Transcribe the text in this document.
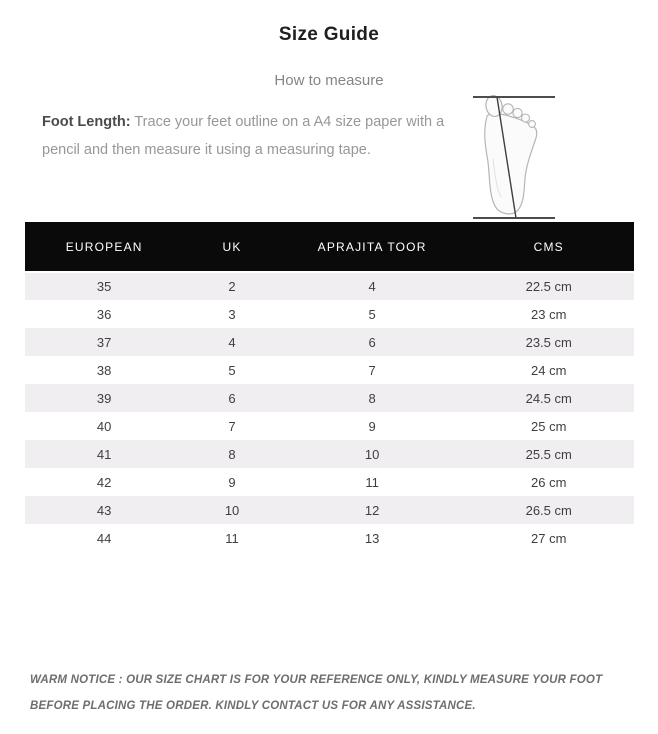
Size Guide
How to measure

Foot Length: Trace your feet outline on a A4 size paper with a pencil and then measure it using a measuring tape.

EUROPEAN	UK	APRAJITA TOOR	CMS
35	2	4	22.5 cm
36	3	5	23 cm
37	4	6	23.5 cm
38	5	7	24 cm
39	6	8	24.5 cm
40	7	9	25 cm
41	8	10	25.5 cm
42	9	11	26 cm
43	10	12	26.5 cm
44	11	13	27 cm

WARM NOTICE : OUR SIZE CHART IS FOR YOUR REFERENCE ONLY, KINDLY MEASURE YOUR FOOT BEFORE PLACING THE ORDER. KINDLY CONTACT US FOR ANY ASSISTANCE.
